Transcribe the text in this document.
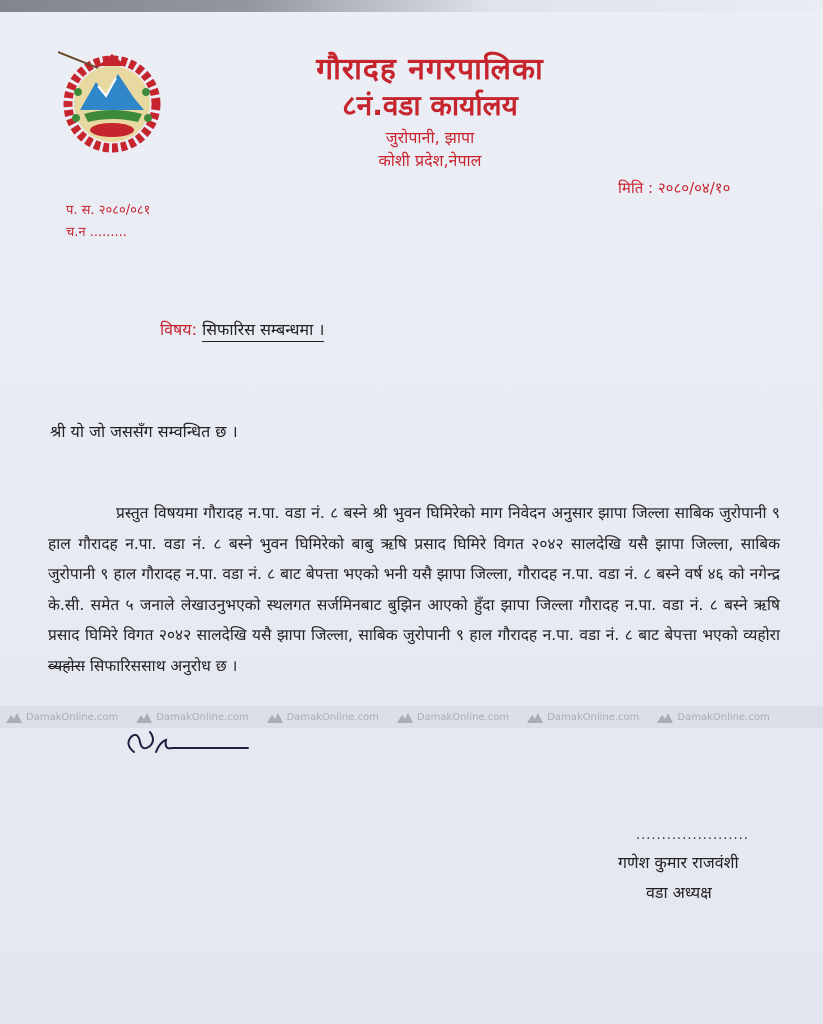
गौरादह नगरपालिका
८नं.वडा कार्यालय
जुरोपानी, झापा
कोशी प्रदेश,नेपाल
मिति : २०८०/०४/१०
प. स. २०८०/०८१
च.न .........
विषय: सिफारिस सम्बन्धमा ।
श्री यो जो जससँग सम्वन्धित छ ।
प्रस्तुत विषयमा गौरादह न.पा. वडा नं. ८ बस्ने श्री भुवन घिमिरेको माग निवेदन अनुसार झापा जिल्ला साबिक जुरोपानी ९ हाल गौरादह न.पा. वडा नं. ८ बस्ने भुवन घिमिरेको बाबु ऋषि प्रसाद घिमिरे विगत २०४२ सालदेखि यसै झापा जिल्ला, साबिक जुरोपानी ९ हाल गौरादह न.पा. वडा नं. ८ बाट बेपत्ता भएको भनी यसै झापा जिल्ला, गौरादह न.पा. वडा नं. ८ बस्ने वर्ष ४६ को नगेन्द्र के.सी. समेत ५ जनाले लेखाउनुभएको स्थलगत सर्जमिनबाट बुझिन आएको हुँदा झापा जिल्ला गौरादह न.पा. वडा नं. ८ बस्ने ऋषि प्रसाद घिमिरे विगत २०४२ सालदेखि यसै झापा जिल्ला, साबिक जुरोपानी ९ हाल गौरादह न.पा. वडा नं. ८ बाट बेपत्ता भएको व्यहोरा व्यहोरा सिफारिससाथ अनुरोध छ ।
DamakOnline.com	DamakOnline.com	DamakOnline.com	DamakOnline.com	DamakOnline.com	DamakOnline.com
......................
गणेश कुमार राजवंशी
वडा अध्यक्ष
